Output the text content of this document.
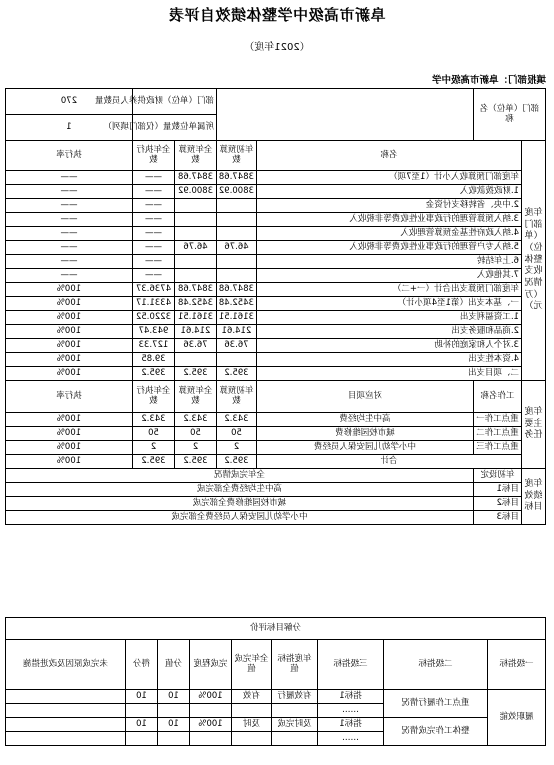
阜新市高级中学整体绩效自评表
（2021年度）
填报部门：阜新市高级中学
部门（单位）名称				部门（单位）财政供养人员数量		270
				所属单位数量（仅部门填列）		1
年度部门（单位）整体收支情况（万元）	名称		年初预算数	全年预算数	全年执行数	执行率
	年度部门预算收入小计（1至7项）		3847.68	3847.68	——	——
	1.财政拨款收入		3800.92	3800.92	——	——
	2.中央、省转移支付资金				——	——
	3.纳入预算管理的行政事业性收费等非税收入				——	——
	4.纳入政府性基金预算管理收入				——	——
	5.纳入专户管理的行政事业性收费等非税收入		46.76	46.76	——	——
	6.上年结转				——	——
	7.其他收入				——	——
	年度部门预算支出合计（一+二）		3847.68	3847.68	4736.37	100%
	一、基本支出（第1至4项小计）		3452.48	3452.48	4331.17	100%
	1.工资福利支出		3161.51	3161.51	3220.52	100%
	2.商品和服务支出		214.61	214.61	943.47	100%
	3.对个人和家庭的补助		76.36	76.36	127.33	100%
	4.资本性支出				39.85	100%
	二、项目支出		395.2	395.2	395.2	100%
年度主要任务	工作名称	对应项目	年初预算数	全年预算数	全年执行数	执行率
	重点工作一	高中生均经费	343.2	343.2	343.2	100%
	重点工作二	城市校园维修费	50	50	50	100%
	重点工作三	中小学幼儿园安保人员经费	2	2	2	100%
	合计		395.2	395.2	395.2	100%
年度绩效目标	年初设定	全年完成情况				
	目标1	高中生均经费全部完成				
	目标2	城市校园维修费全部完成				
	目标3	中小学幼儿园安保人员经费全部完成				
分解目标评价								
一级指标	二级指标	三级指标	年度指标值	全年完成值	完成程度	分值	得分	未完成原因及改进措施
履职效能	重点工作履行情况	指标1	有效履行	有效	100%	10	10	
		……						
	整体工作完成情况	指标1	及时完成	及时	100%	10	10	
		……						
